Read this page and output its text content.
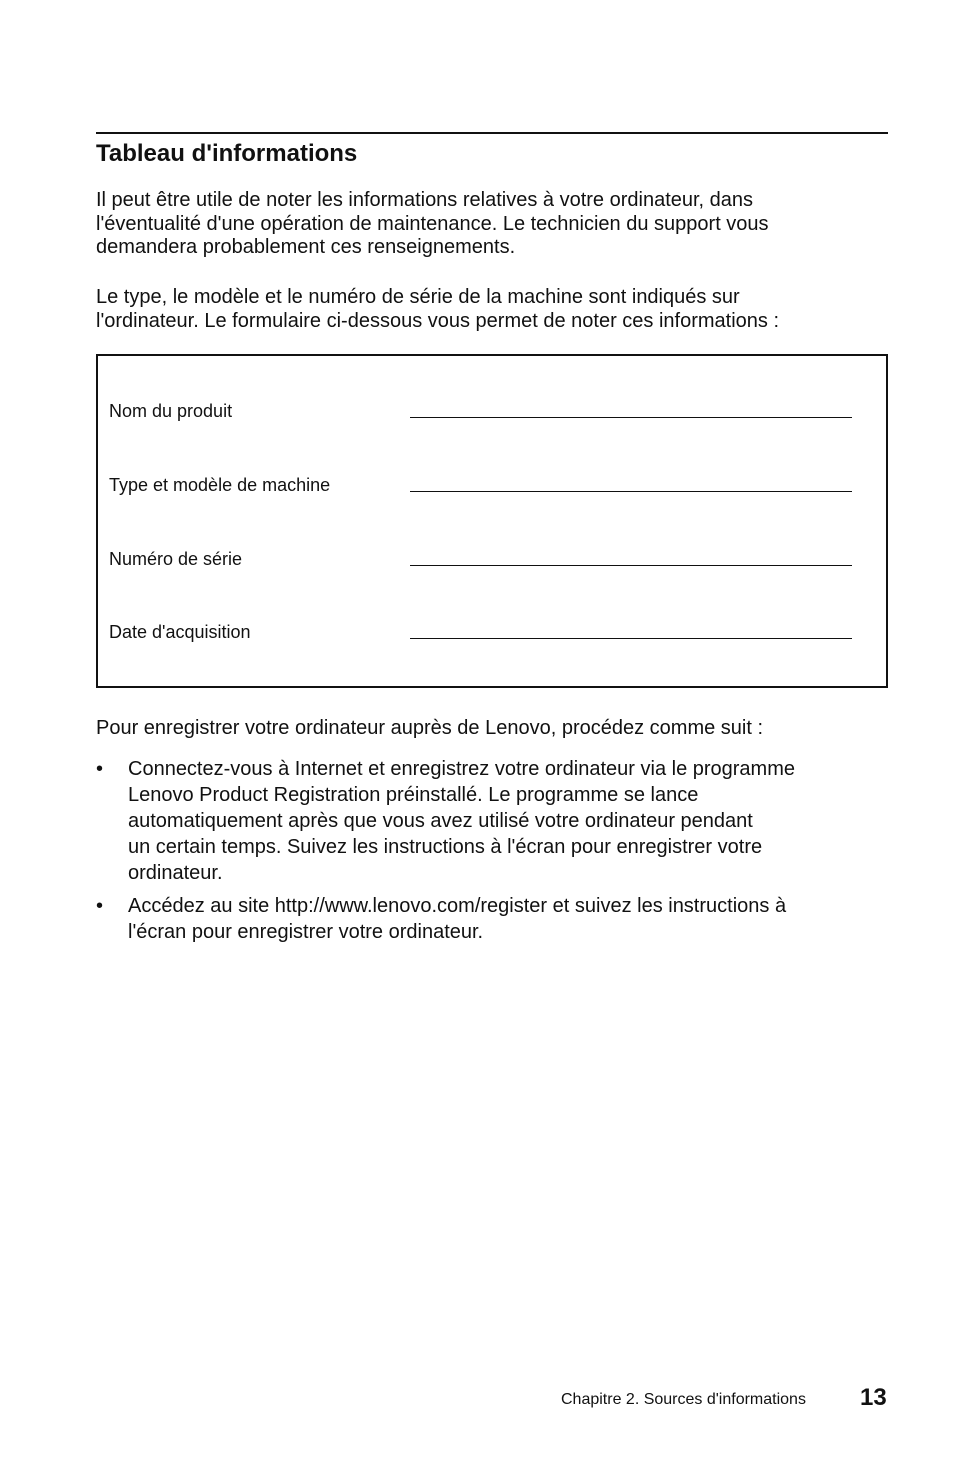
Tableau d'informations

Il peut être utile de noter les informations relatives à votre ordinateur, dans
l'éventualité d'une opération de maintenance. Le technicien du support vous
demandera probablement ces renseignements.

Le type, le modèle et le numéro de série de la machine sont indiqués sur
l'ordinateur. Le formulaire ci-dessous vous permet de noter ces informations :

Nom du produit
Type et modèle de machine
Numéro de série
Date d'acquisition

Pour enregistrer votre ordinateur auprès de Lenovo, procédez comme suit :

•	Connectez-vous à Internet et enregistrez votre ordinateur via le programme
Lenovo Product Registration préinstallé. Le programme se lance
automatiquement après que vous avez utilisé votre ordinateur pendant
un certain temps. Suivez les instructions à l'écran pour enregistrer votre
ordinateur.
•	Accédez au site http://www.lenovo.com/register et suivez les instructions à
l'écran pour enregistrer votre ordinateur.
Chapitre 2. Sources d'informations 13
